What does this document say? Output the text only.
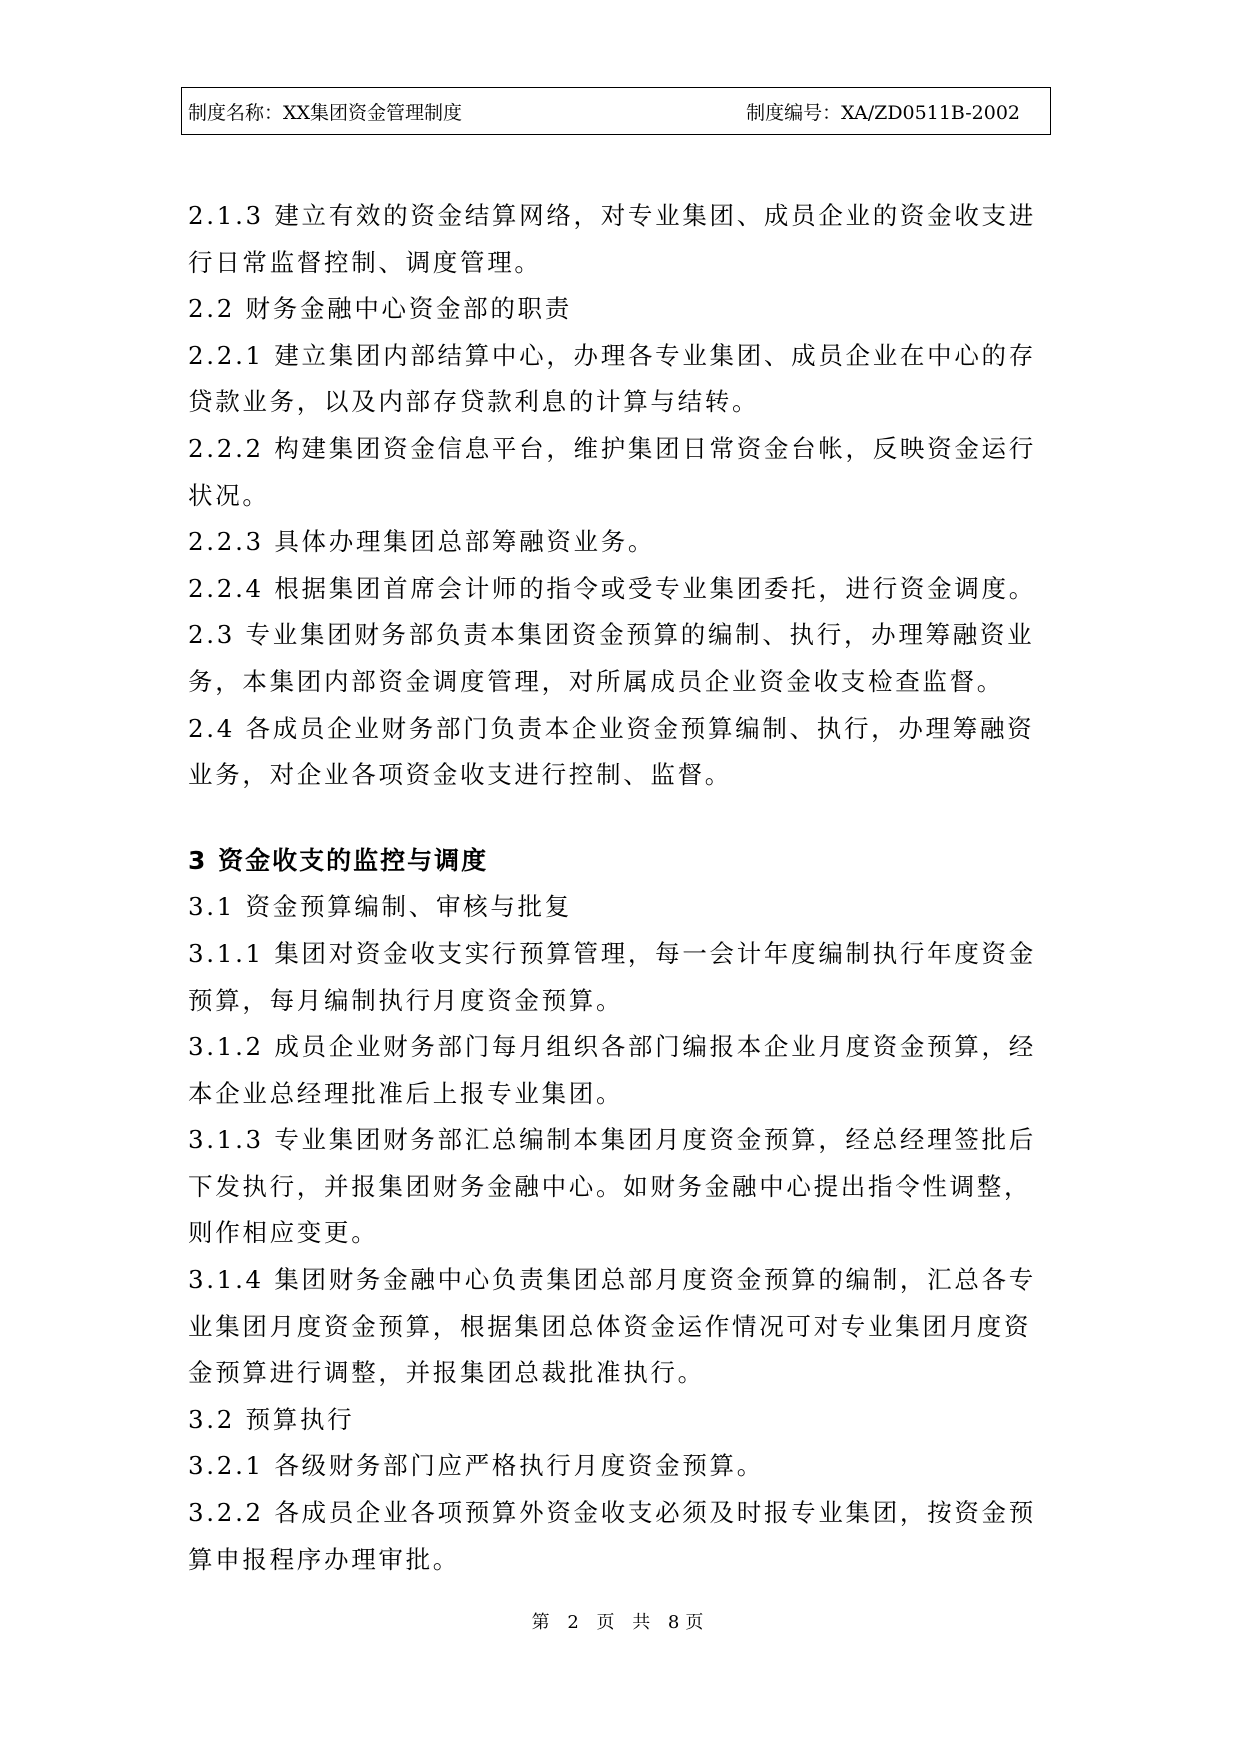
制度名称：XX集团资金管理制度	制度编号：XA/ZD0511B-2002

2.1.3 建立有效的资金结算网络，对专业集团、成员企业的资金收支进

行日常监督控制、调度管理。

2.2 财务金融中心资金部的职责

2.2.1 建立集团内部结算中心，办理各专业集团、成员企业在中心的存

贷款业务，以及内部存贷款利息的计算与结转。

2.2.2 构建集团资金信息平台，维护集团日常资金台帐，反映资金运行

状况。

2.2.3 具体办理集团总部筹融资业务。

2.2.4 根据集团首席会计师的指令或受专业集团委托，进行资金调度。

2.3 专业集团财务部负责本集团资金预算的编制、执行，办理筹融资业

务，本集团内部资金调度管理，对所属成员企业资金收支检查监督。

2.4 各成员企业财务部门负责本企业资金预算编制、执行，办理筹融资

业务，对企业各项资金收支进行控制、监督。

3 资金收支的监控与调度

3.1 资金预算编制、审核与批复

3.1.1 集团对资金收支实行预算管理，每一会计年度编制执行年度资金

预算，每月编制执行月度资金预算。

3.1.2 成员企业财务部门每月组织各部门编报本企业月度资金预算，经

本企业总经理批准后上报专业集团。

3.1.3 专业集团财务部汇总编制本集团月度资金预算，经总经理签批后

下发执行，并报集团财务金融中心。如财务金融中心提出指令性调整，

则作相应变更。

3.1.4 集团财务金融中心负责集团总部月度资金预算的编制，汇总各专

业集团月度资金预算，根据集团总体资金运作情况可对专业集团月度资

金预算进行调整，并报集团总裁批准执行。

3.2 预算执行

3.2.1 各级财务部门应严格执行月度资金预算。

3.2.2 各成员企业各项预算外资金收支必须及时报专业集团，按资金预

算申报程序办理审批。

第 2 页 共 8页
